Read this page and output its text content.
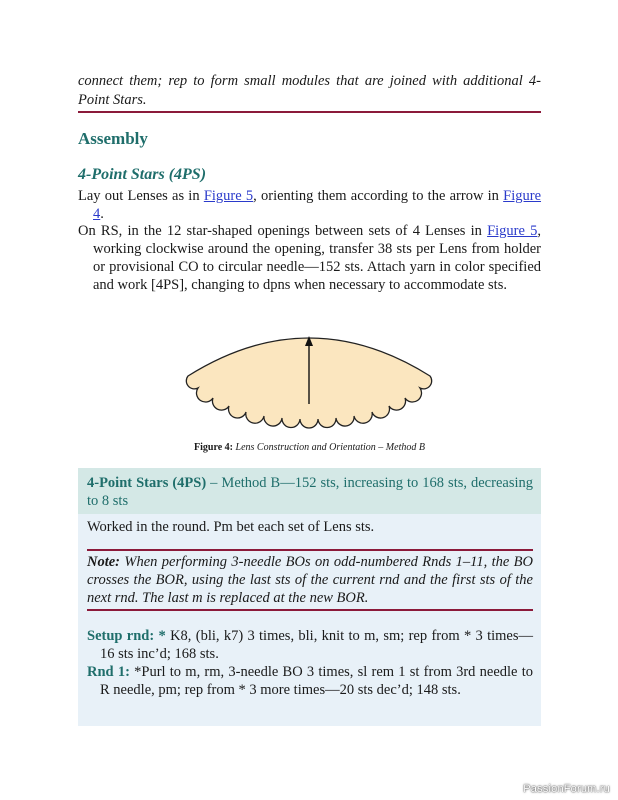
connect them; rep to form small modules that are joined with additional 4-Point Stars.
Assembly
4-Point Stars (4PS)
Lay out Lenses as in Figure 5, orienting them according to the arrow in Figure 4.
On RS, in the 12 star-shaped openings between sets of 4 Lenses in Figure 5, working clockwise around the opening, transfer 38 sts per Lens from holder or provisional CO to circular needle—152 sts. Attach yarn in color specified and work [4PS], changing to dpns when necessary to accommodate sts.
Figure 4: Lens Construction and Orientation – Method B
4-Point Stars (4PS) – Method B—152 sts, increasing to 168 sts, decreasing to 8 sts
Worked in the round. Pm bet each set of Lens sts.
Note: When performing 3-needle BOs on odd-numbered Rnds 1–11, the BO crosses the BOR, using the last sts of the current rnd and the first sts of the next rnd. The last m is replaced at the new BOR.
Setup rnd: * K8, (bli, k7) 3 times, bli, knit to m, sm; rep from * 3 times—16 sts inc’d; 168 sts.
Rnd 1: *Purl to m, rm, 3-needle BO 3 times, sl rem 1 st from 3rd needle to R needle, pm; rep from * 3 more times—20 sts dec’d; 148 sts.
PassionForum.ru
